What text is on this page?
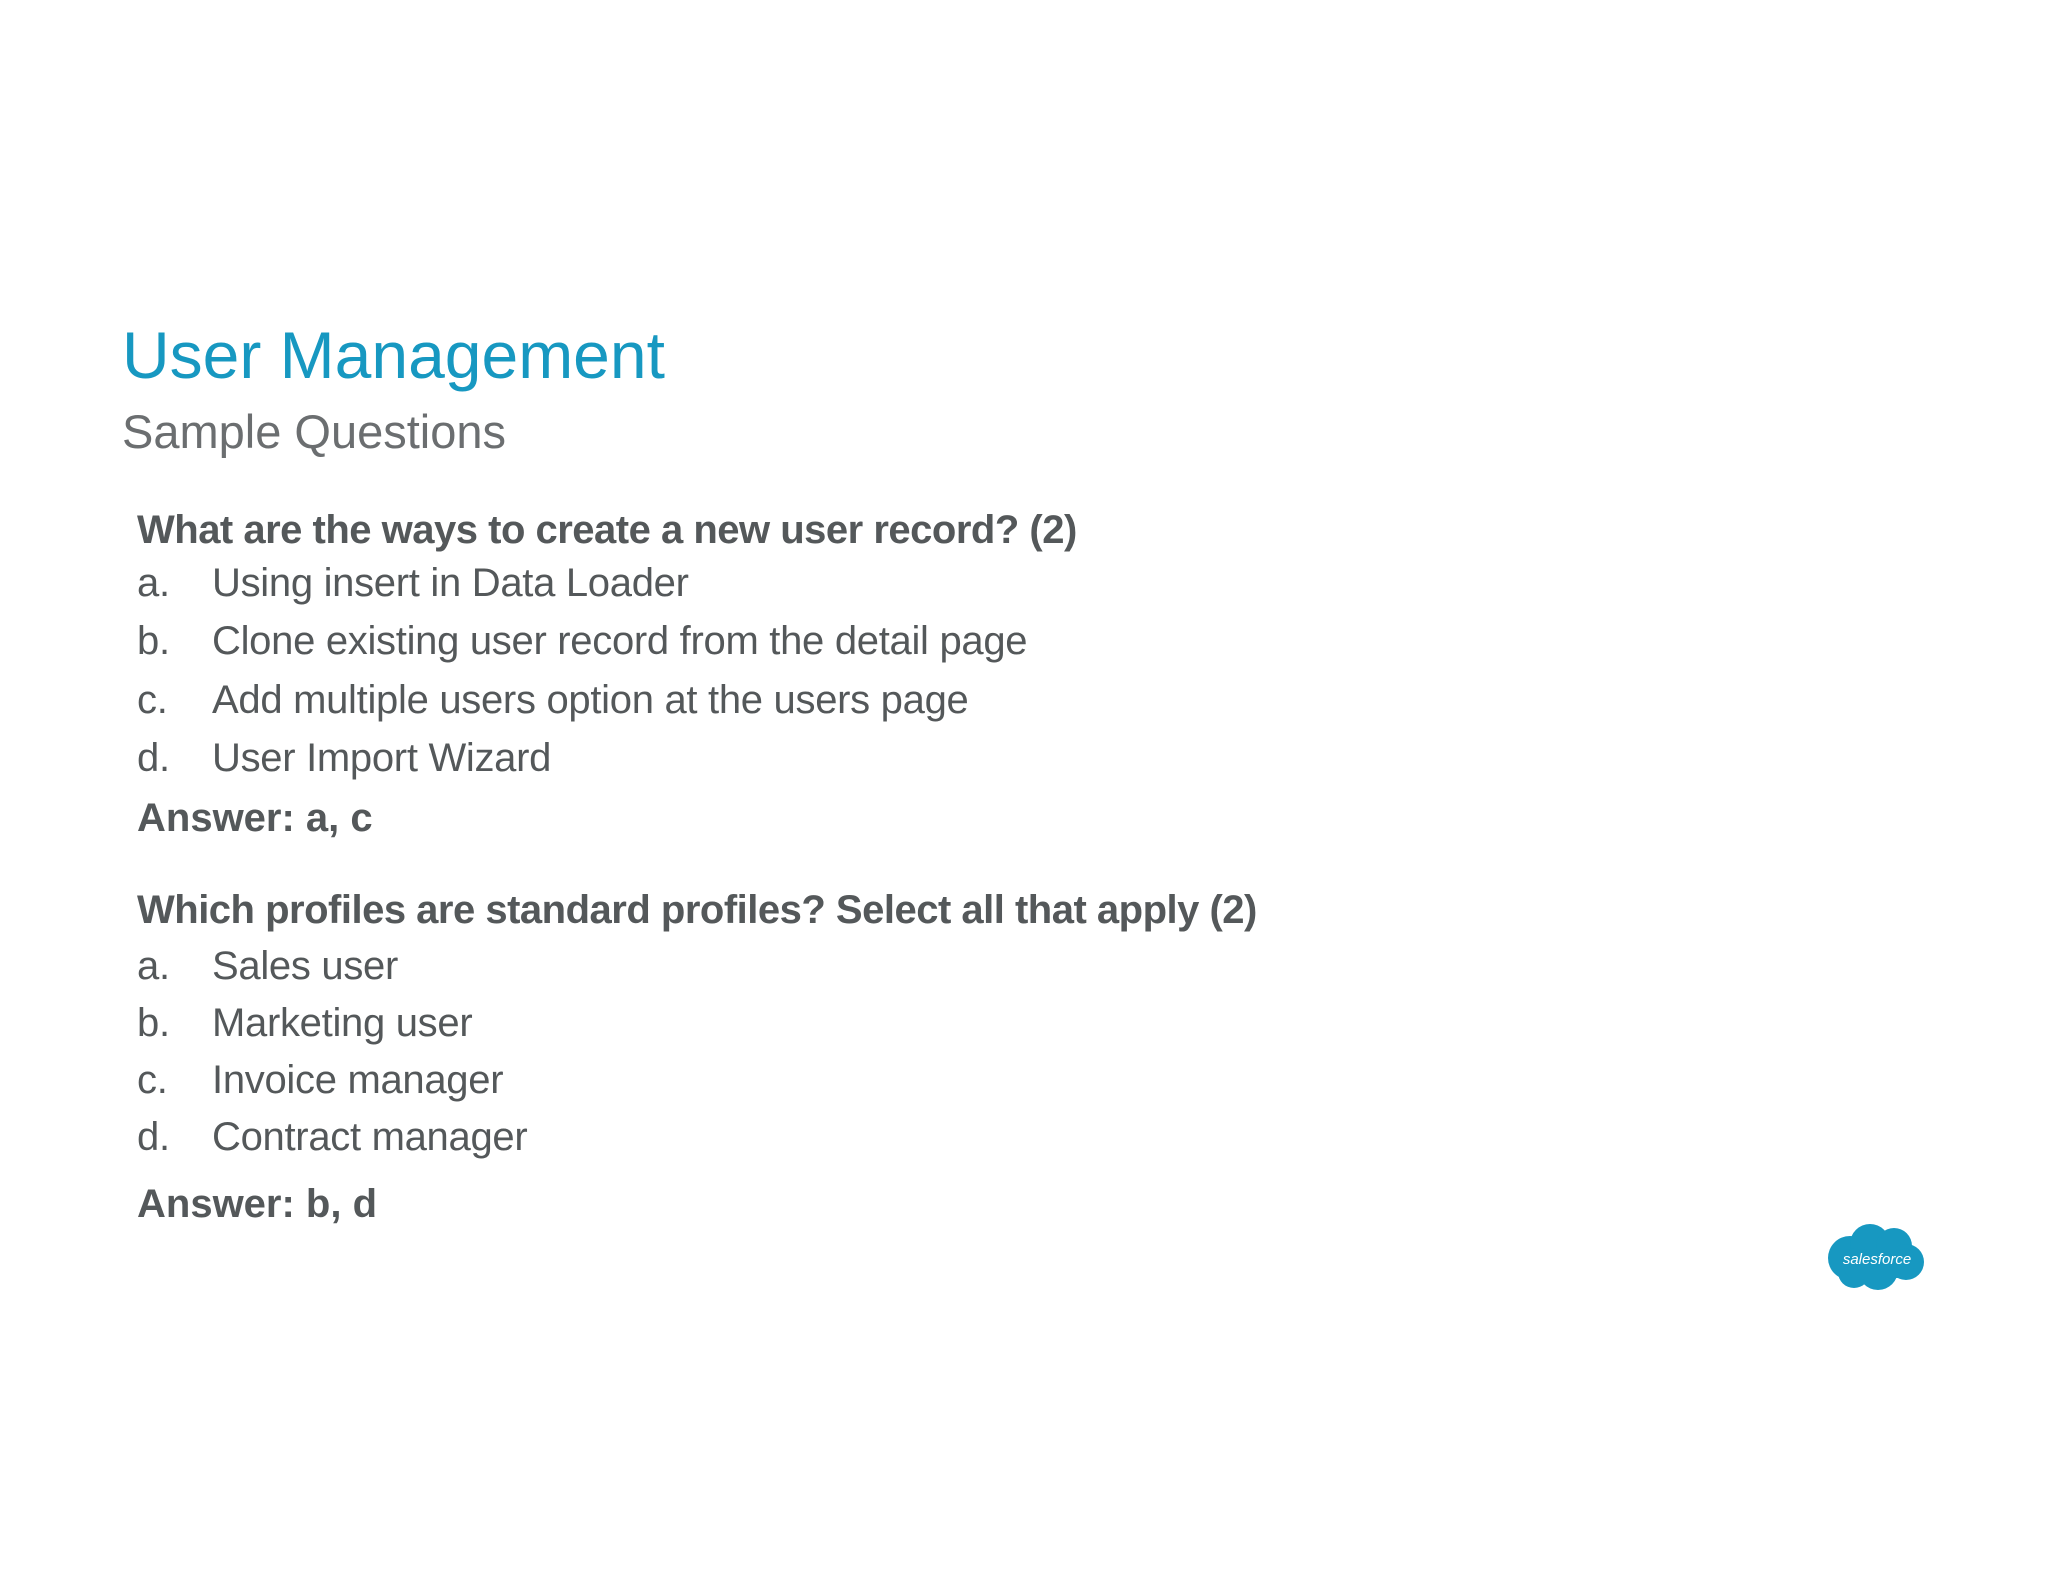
User Management
Sample Questions
What are the ways to create a new user record? (2)
a.	Using insert in Data Loader
b.	Clone existing user record from the detail page
c.	Add multiple users option at the users page
d.	User Import Wizard
Answer: a, c
Which profiles are standard profiles? Select all that apply (2)
a.	Sales user
b.	Marketing user
c.	Invoice manager
d.	Contract manager
Answer: b, d
salesforce
